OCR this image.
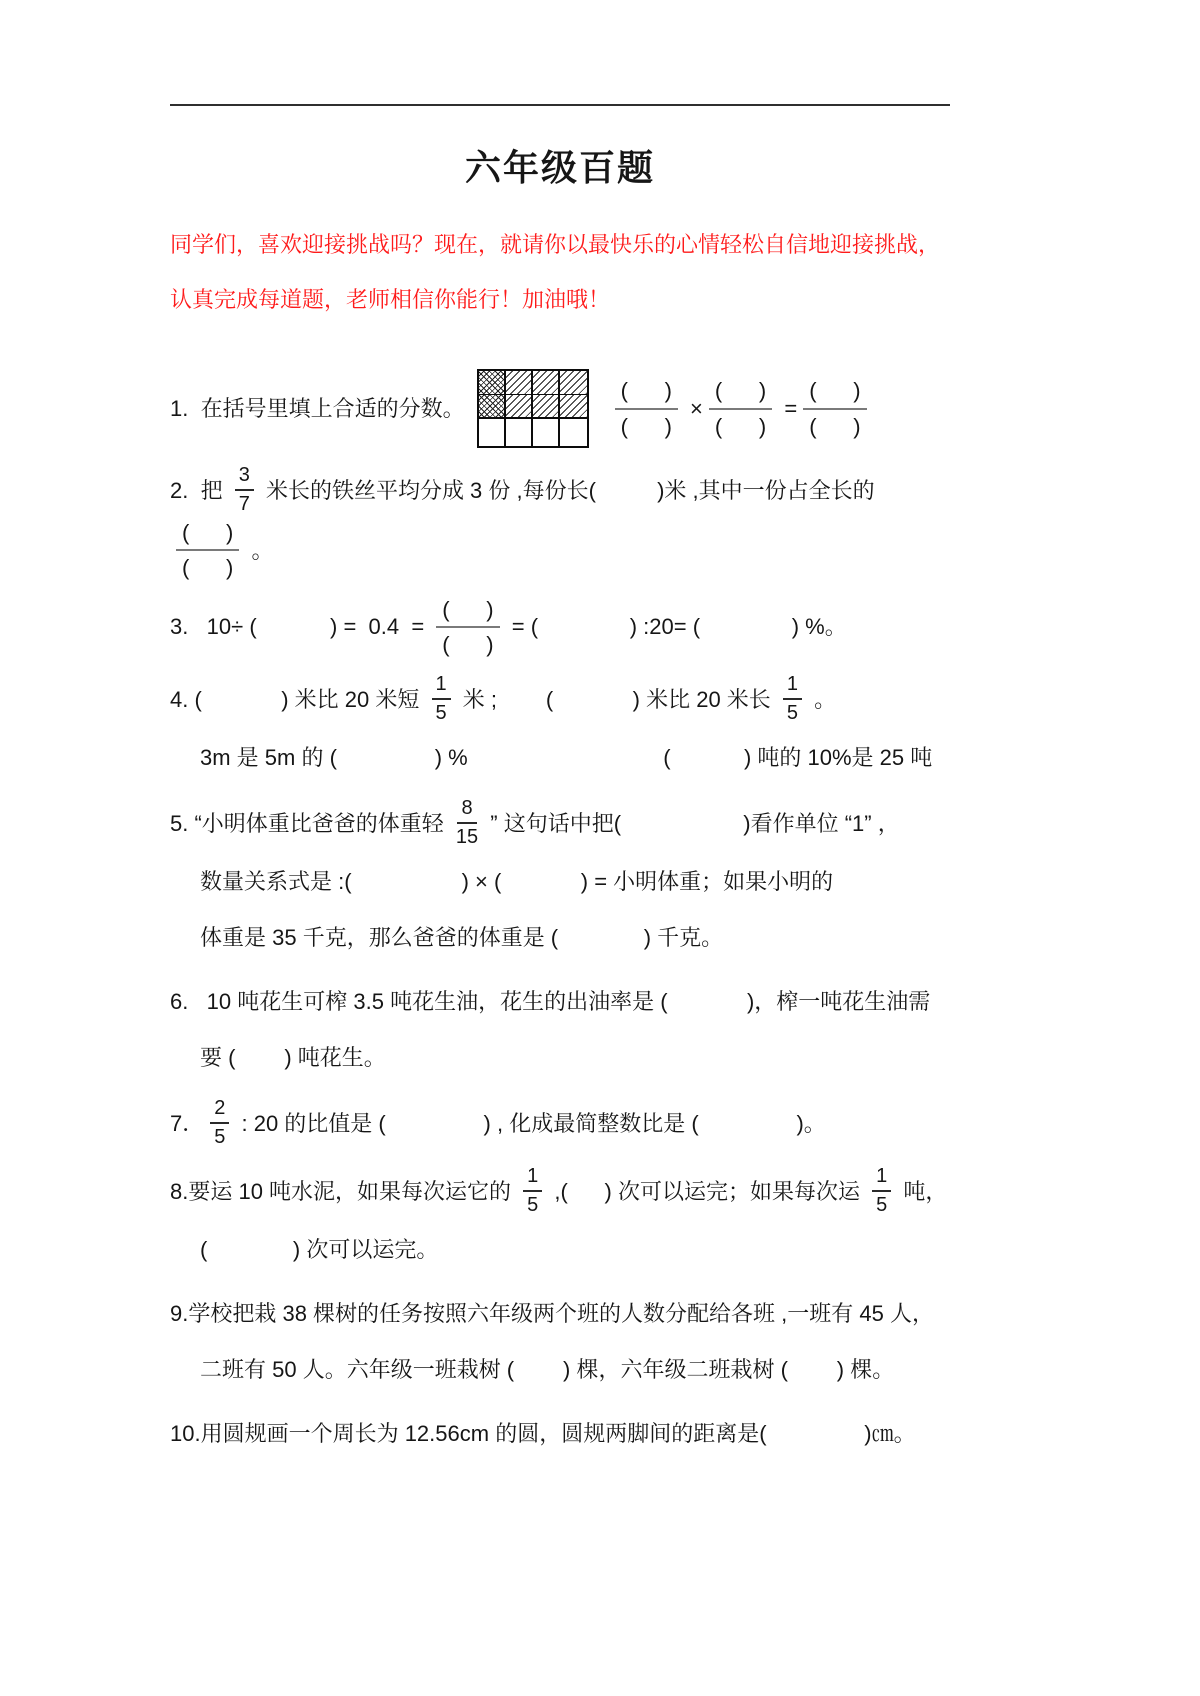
六年级百题
同学们，喜欢迎接挑战吗？现在，就请你以最快乐的心情轻松自信地迎接挑战，认真完成每道题，老师相信你能行！加油哦！
1.  在括号里填上合适的分数。	$\frac{( )}{( )} \times \frac{( )}{( )} = \frac{( )}{( )}$
2.  把 $\frac{3}{7}$ 米长的铁丝平均分成 3 份 ,每份长(          )米 ,其中一份占全长的
$\frac{( )}{( )}$ 。
3.   10÷ (            ) =  $0.4 = \frac{( )}{( )}$ = (               ) :20= (               ) %。
4. (             ) 米比 20 米短 $\frac{1}{5}$ 米 ;        (             ) 米比 20 米长 $\frac{1}{5}$ 。
3m 是 5m 的 (                ) %                                (            ) 吨的 10%是 25 吨
5. “小明体重比爸爸的体重轻 $\frac{8}{15}$ ” 这句话中把(                    )看作单位 “1” ，
数量关系式是 :(                  ) × (             ) = 小明体重；如果小明的
体重是 35 千克，那么爸爸的体重是 (              ) 千克。
6.   10 吨花生可榨 3.5 吨花生油，花生的出油率是 (             )，榨一吨花生油需
要 (        ) 吨花生。
7． $\frac{2}{5}$ : 20 的比值是 (                ) , 化成最简整数比是 (                )。
8.要运 10 吨水泥，如果每次运它的 $\frac{1}{5}$ ,(      ) 次可以运完；如果每次运 $\frac{1}{5}$ 吨，
(              ) 次可以运完。
9.学校把栽 38 棵树的任务按照六年级两个班的人数分配给各班 ,一班有 45 人，
二班有 50 人。六年级一班栽树 (        ) 棵，六年级二班栽树 (        ) 棵。
10.用圆规画一个周长为 12.56cm 的圆，圆规两脚间的距离是(                )㎝。
